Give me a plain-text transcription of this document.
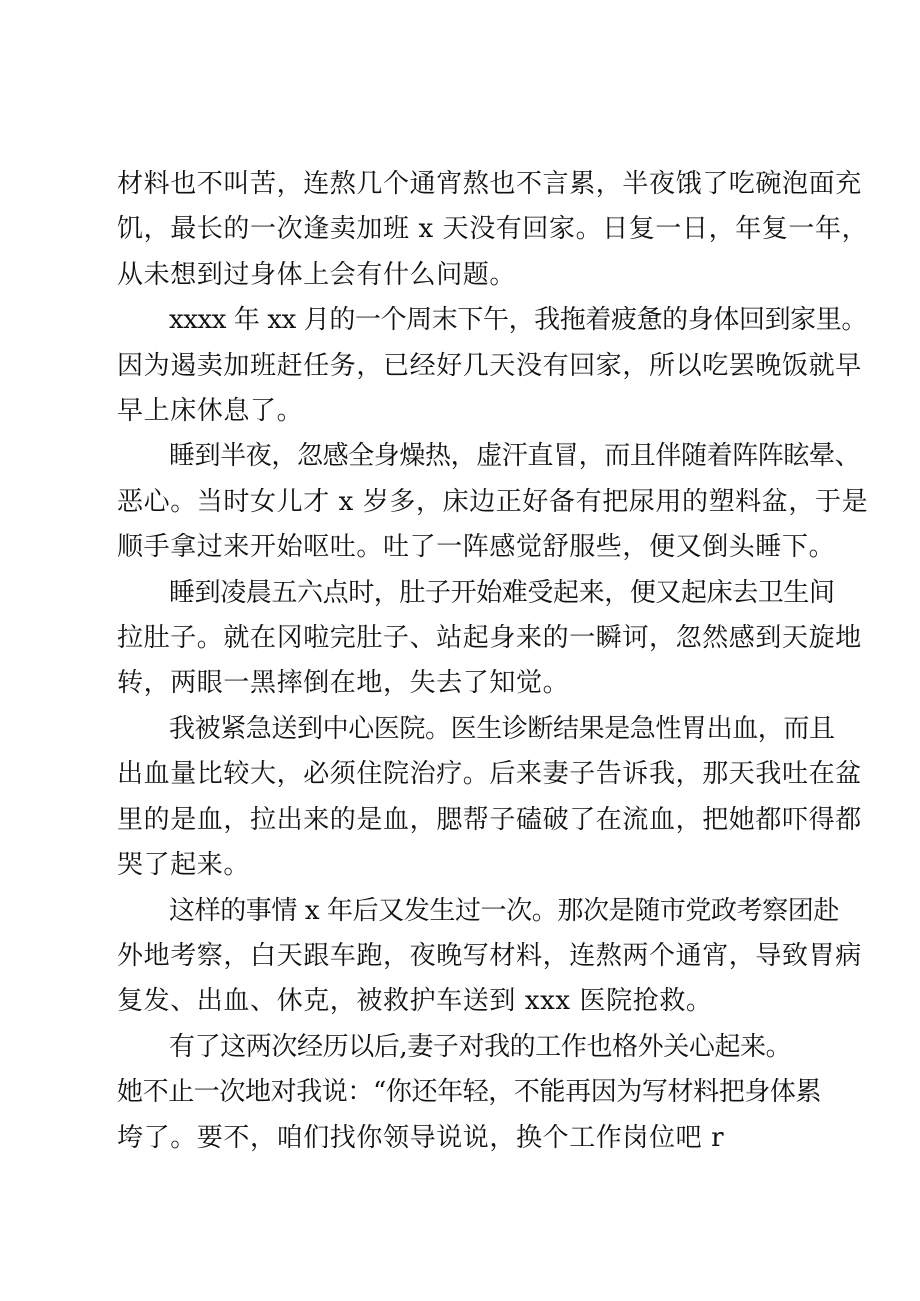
材料也不叫苦，连熬几个通宵熬也不言累，半夜饿了吃碗泡面充
饥，最长的一次逢卖加班 x 天没有回家。日复一日，年复一年，
从未想到过身体上会有什么问题。

xxxx 年 xx 月的一个周末下午，我拖着疲惫的身体回到家里。
因为遏卖加班赶任务，已经好几天没有回家，所以吃罢晚饭就早
早上床休息了。

睡到半夜，忽感全身燥热，虚汗直冒，而且伴随着阵阵眩晕、
恶心。当时女儿才 x 岁多，床边正好备有把尿用的塑料盆，于是
顺手拿过来开始呕吐。吐了一阵感觉舒服些，便又倒头睡下。

睡到凌晨五六点时，肚子开始难受起来，便又起床去卫生间
拉肚子。就在冈啦完肚子、站起身来的一瞬诃，忽然感到天旋地
转，两眼一黑摔倒在地，失去了知觉。

我被紧急送到中心医院。医生诊断结果是急性胃出血，而且
出血量比较大，必须住院治疗。后来妻子告诉我，那天我吐在盆
里的是血，拉出来的是血，腮帮子磕破了在流血，把她都吓得都
哭了起来。

这样的事情 x 年后又发生过一次。那次是随市党政考察团赴
外地考察，白天跟车跑，夜晚写材料，连熬两个通宵，导致胃病
复发、出血、休克，被救护车送到 xxx 医院抢救。

有了这两次经历以后,妻子对我的工作也格外关心起来。

她不止一次地对我说：“你还年轻，不能再因为写材料把身体累
垮了。要不，咱们找你领导说说，换个工作岗位吧 r
